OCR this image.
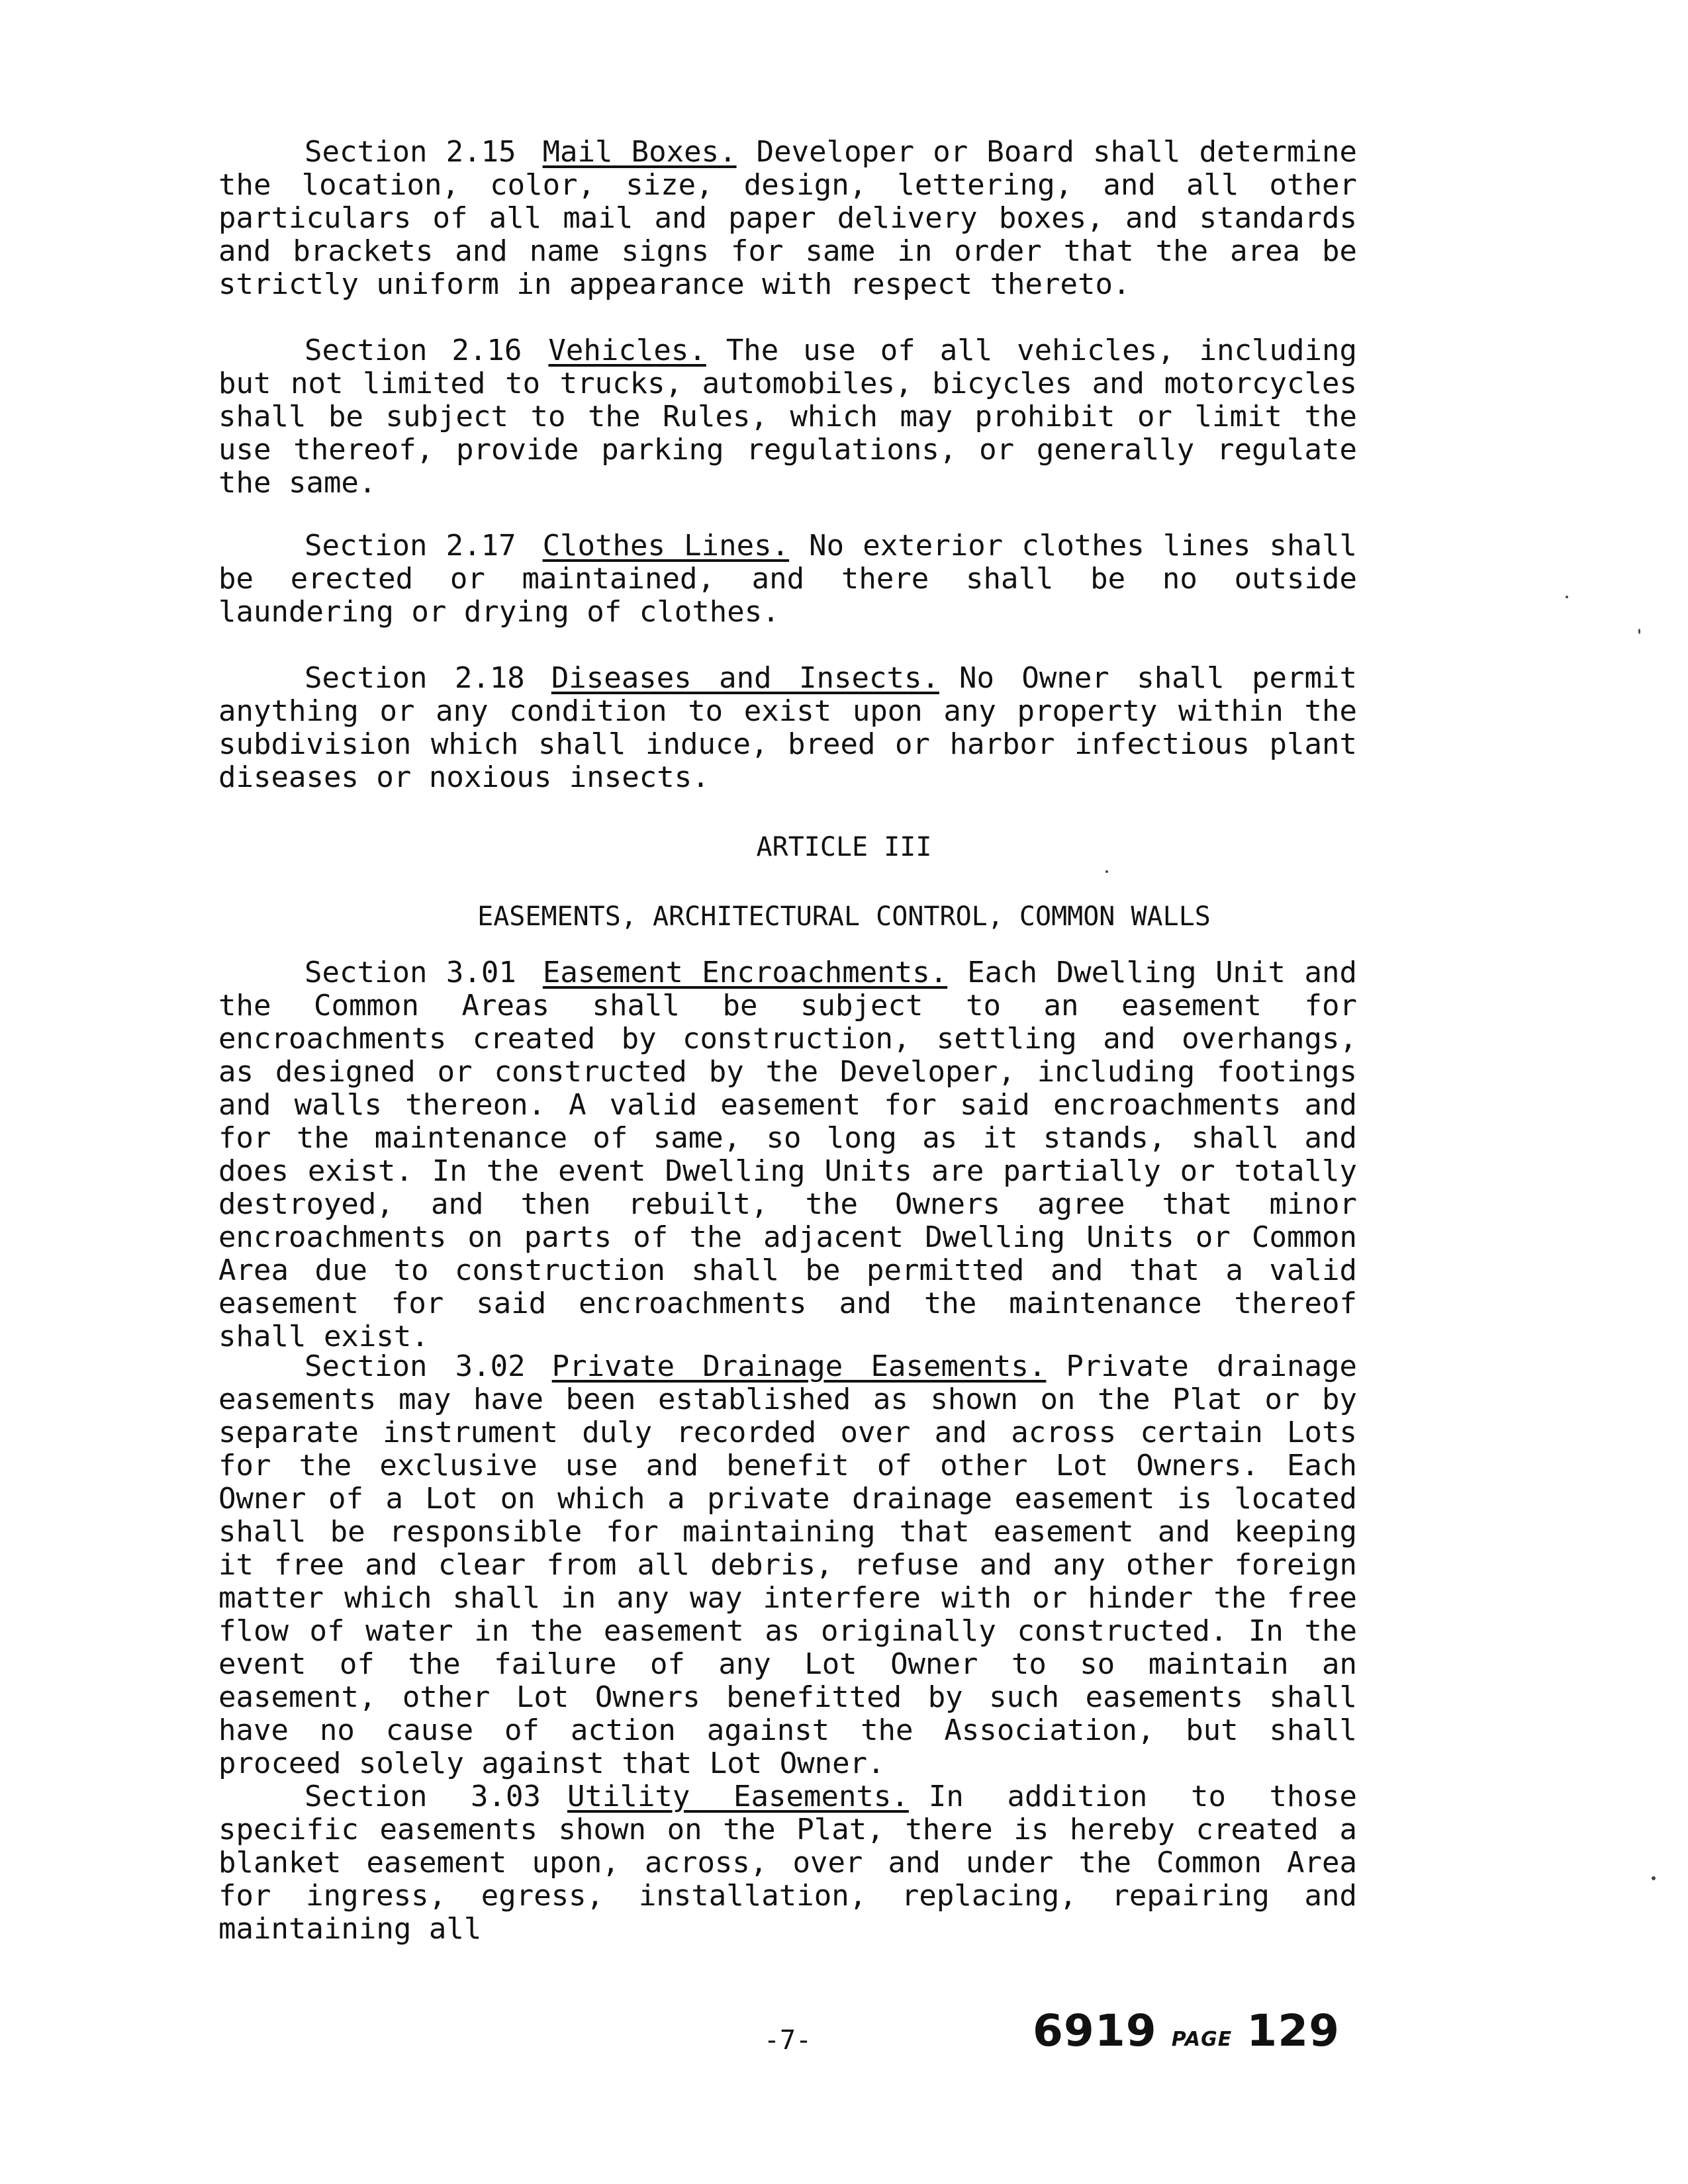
Section 2.15 Mail Boxes. Developer or Board shall determine the location, color, size, design, lettering, and all other particulars of all mail and paper delivery boxes, and standards and brackets and name signs for same in order that the area be strictly uniform in appearance with respect thereto.

Section 2.16 Vehicles. The use of all vehicles, including but not limited to trucks, automobiles, bicycles and motorcycles shall be subject to the Rules, which may prohibit or limit the use thereof, provide parking regulations, or generally regulate the same.

Section 2.17 Clothes Lines. No exterior clothes lines shall be erected or maintained, and there shall be no outside laundering or drying of clothes.

Section 2.18 Diseases and Insects. No Owner shall permit anything or any condition to exist upon any property within the subdivision which shall induce, breed or harbor infectious plant diseases or noxious insects.

ARTICLE III

EASEMENTS, ARCHITECTURAL CONTROL, COMMON WALLS

Section 3.01 Easement Encroachments. Each Dwelling Unit and the Common Areas shall be subject to an easement for encroachments created by construction, settling and overhangs, as designed or constructed by the Developer, including footings and walls thereon. A valid easement for said encroachments and for the maintenance of same, so long as it stands, shall and does exist. In the event Dwelling Units are partially or totally destroyed, and then rebuilt, the Owners agree that minor encroachments on parts of the adjacent Dwelling Units or Common Area due to construction shall be permitted and that a valid easement for said encroachments and the maintenance thereof shall exist.

Section 3.02 Private Drainage Easements. Private drainage easements may have been established as shown on the Plat or by separate instrument duly recorded over and across certain Lots for the exclusive use and benefit of other Lot Owners. Each Owner of a Lot on which a private drainage easement is located shall be responsible for maintaining that easement and keeping it free and clear from all debris, refuse and any other foreign matter which shall in any way interfere with or hinder the free flow of water in the easement as originally constructed. In the event of the failure of any Lot Owner to so maintain an easement, other Lot Owners benefitted by such easements shall have no cause of action against the Association, but shall proceed solely against that Lot Owner.

Section 3.03 Utility Easements. In addition to those specific easements shown on the Plat, there is hereby created a blanket easement upon, across, over and under the Common Area for ingress, egress, installation, replacing, repairing and maintaining all

-7-	6919 PAGE 129
